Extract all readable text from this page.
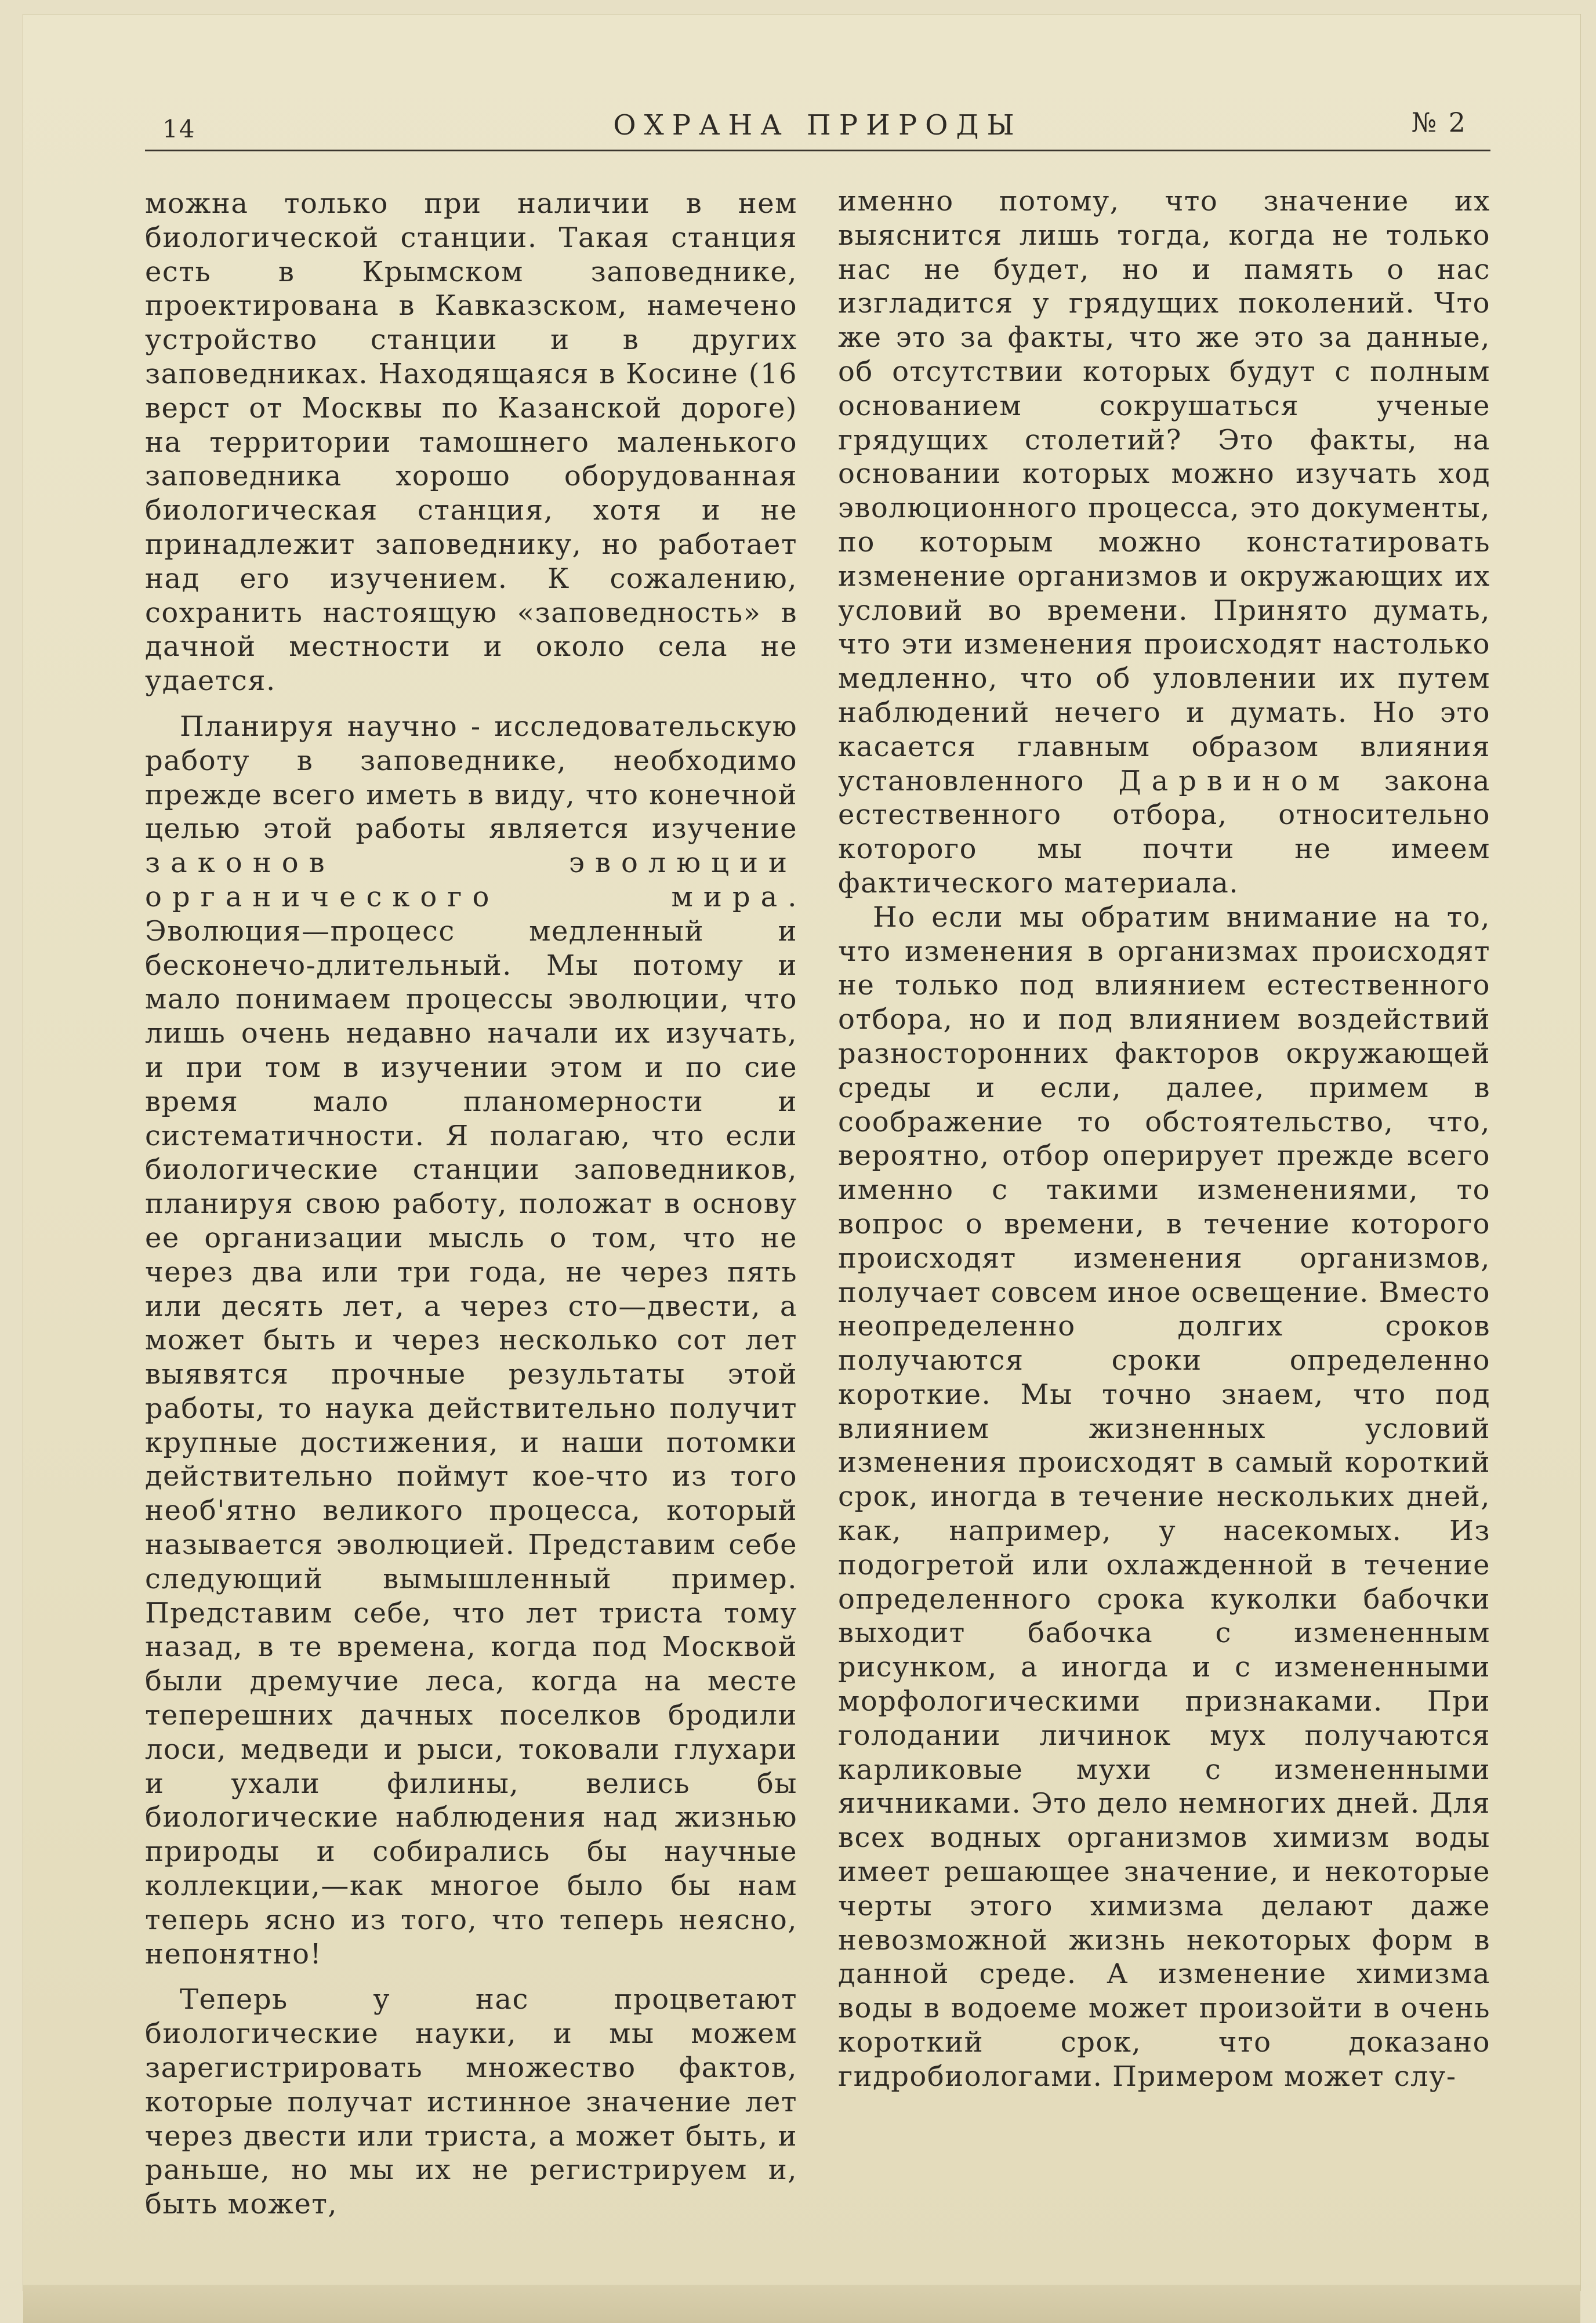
14	ОХРАНА ПРИРОДЫ	№ 2

можна только при наличии в нем биологической станции. Такая станция есть в Крымском заповеднике, проектирована в Кавказском, намечено устройство станции и в других заповедниках. Находящаяся в Косине (16 верст от Москвы по Казанской дороге) на территории тамошнего маленького заповедника хорошо оборудованная биологическая станция, хотя и не принадлежит заповеднику, но работает над его изучением. К сожалению, сохранить настоящую «заповедность» в дачной местности и около села не удается.

Планируя научно - исследовательскую работу в заповеднике, необходимо прежде всего иметь в виду, что конечной целью этой работы является изучение законов эволюции органического мира. Эволюция—процесс медленный и бесконечо-длительный. Мы потому и мало понимаем процессы эволюции, что лишь очень недавно начали их изучать, и при том в изучении этом и по сие время мало планомерности и систематичности. Я полагаю, что если биологические станции заповедников, планируя свою работу, положат в основу ее организации мысль о том, что не через два или три года, не через пять или десять лет, а через сто—двести, а может быть и через несколько сот лет выявятся прочные результаты этой работы, то наука действительно получит крупные достижения, и наши потомки действительно поймут кое-что из того необ'ятно великого процесса, который называется эволюцией. Представим себе следующий вымышленный пример. Представим себе, что лет триста тому назад, в те времена, когда под Москвой были дремучие леса, когда на месте теперешних дачных поселков бродили лоси, медведи и рыси, токовали глухари и ухали филины, велись бы биологические наблюдения над жизнью природы и собирались бы научные коллекции,—как многое было бы нам теперь ясно из того, что теперь неясно, непонятно!

Теперь у нас процветают биологические науки, и мы можем зарегистрировать множество фактов, которые получат истинное значение лет через двести или триста, а может быть, и раньше, но мы их не регистрируем и, быть может,

именно потому, что значение их выяснится лишь тогда, когда не только нас не будет, но и память о нас изгладится у грядущих поколений. Что же это за факты, что же это за данные, об отсутствии которых будут с полным основанием сокрушаться ученые грядущих столетий? Это факты, на основании которых можно изучать ход эволюционного процесса, это документы, по которым можно констатировать изменение организмов и окружающих их условий во времени. Принято думать, что эти изменения происходят настолько медленно, что об уловлении их путем наблюдений нечего и думать. Но это касается главным образом влияния установленного Дарвином закона естественного отбора, относительно которого мы почти не имеем фактического материала.

Но если мы обратим внимание на то, что изменения в организмах происходят не только под влиянием естественного отбора, но и под влиянием воздействий разносторонних факторов окружающей среды и если, далее, примем в соображение то обстоятельство, что, вероятно, отбор оперирует прежде всего именно с такими изменениями, то вопрос о времени, в течение которого происходят изменения организмов, получает совсем иное освещение. Вместо неопределенно долгих сроков получаются сроки определенно короткие. Мы точно знаем, что под влиянием жизненных условий изменения происходят в самый короткий срок, иногда в течение нескольких дней, как, например, у насекомых. Из подогретой или охлажденной в течение определенного срока куколки бабочки выходит бабочка с измененным рисунком, а иногда и с измененными морфологическими признаками. При голодании личинок мух получаются карликовые мухи с измененными яичниками. Это дело немногих дней. Для всех водных организмов химизм воды имеет решающее значение, и некоторые черты этого химизма делают даже невозможной жизнь некоторых форм в данной среде. А изменение химизма воды в водоеме может произойти в очень короткий срок, что доказано гидробиологами. Примером может слу-
